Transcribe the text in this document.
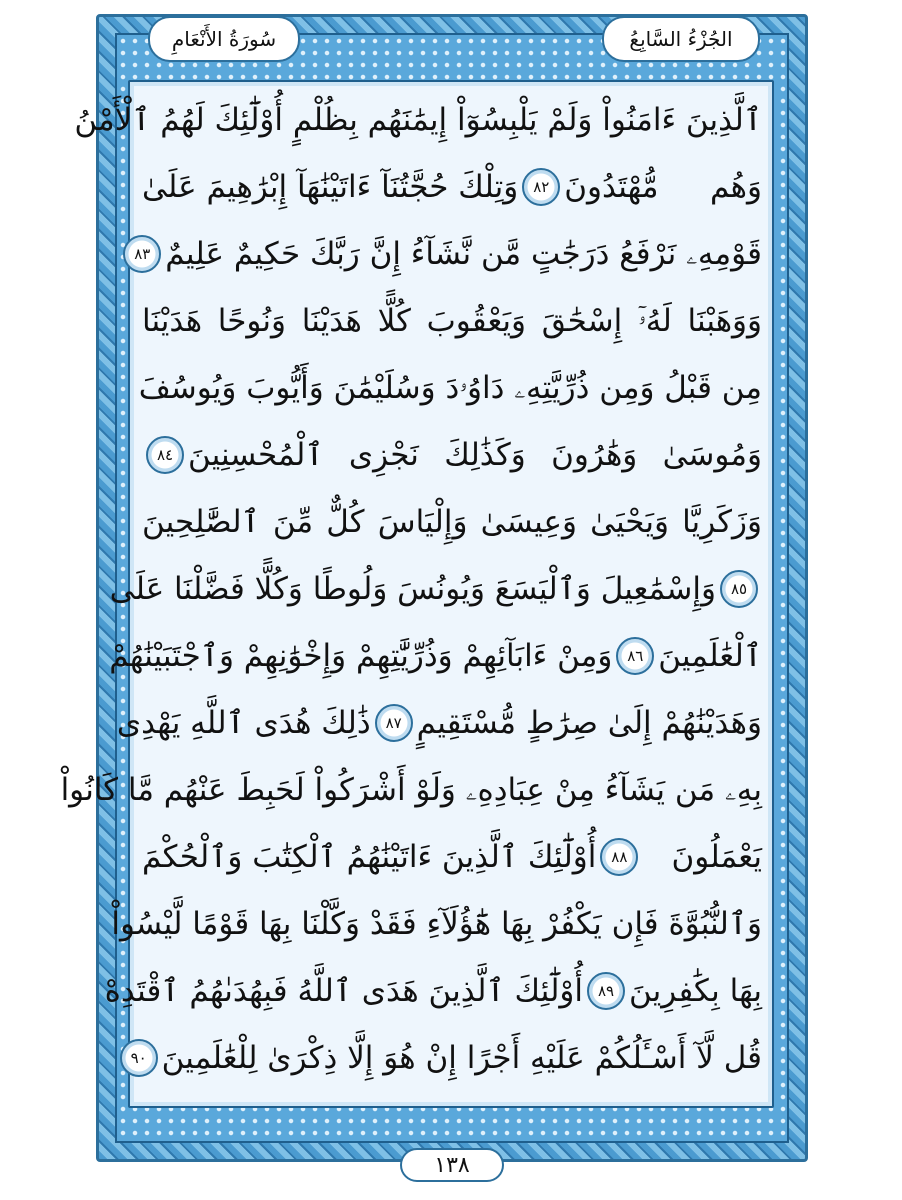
الجُزْءُ السَّابِعُ
سُورَةُ الأَنْعَامِ
ٱلَّذِينَ ءَامَنُواْ وَلَمْ يَلْبِسُوٓاْ إِيمَٰنَهُم بِظُلْمٍ أُوْلَٰٓئِكَ لَهُمُ ٱلْأَمْنُ
وَهُم مُّهْتَدُونَ
٨٢
وَتِلْكَ حُجَّتُنَآ ءَاتَيْنَٰهَآ إِبْرَٰهِيمَ عَلَىٰ
قَوْمِهِۦ نَرْفَعُ دَرَجَٰتٍ مَّن نَّشَآءُ إِنَّ رَبَّكَ حَكِيمٌ عَلِيمٌ
٨٣
وَوَهَبْنَا لَهُۥٓ إِسْحَٰقَ وَيَعْقُوبَ كُلًّا هَدَيْنَا وَنُوحًا هَدَيْنَا
مِن قَبْلُ وَمِن ذُرِّيَّتِهِۦ دَاوُۥدَ وَسُلَيْمَٰنَ وَأَيُّوبَ وَيُوسُفَ
وَمُوسَىٰ وَهَٰرُونَ وَكَذَٰلِكَ نَجْزِى ٱلْمُحْسِنِينَ
٨٤
وَزَكَرِيَّا وَيَحْيَىٰ وَعِيسَىٰ وَإِلْيَاسَ كُلٌّ مِّنَ ٱلصَّٰلِحِينَ
٨٥
وَإِسْمَٰعِيلَ وَٱلْيَسَعَ وَيُونُسَ وَلُوطًا وَكُلًّا فَضَّلْنَا عَلَى
ٱلْعَٰلَمِينَ
٨٦
وَمِنْ ءَابَآئِهِمْ وَذُرِّيَّٰتِهِمْ وَإِخْوَٰنِهِمْ وَٱجْتَبَيْنَٰهُمْ
وَهَدَيْنَٰهُمْ إِلَىٰ صِرَٰطٍ مُّسْتَقِيمٍ
٨٧
ذَٰلِكَ هُدَى ٱللَّهِ يَهْدِى
بِهِۦ مَن يَشَآءُ مِنْ عِبَادِهِۦ وَلَوْ أَشْرَكُواْ لَحَبِطَ عَنْهُم مَّا كَانُواْ
يَعْمَلُونَ
٨٨
أُوْلَٰٓئِكَ ٱلَّذِينَ ءَاتَيْنَٰهُمُ ٱلْكِتَٰبَ وَٱلْحُكْمَ
وَٱلنُّبُوَّةَ فَإِن يَكْفُرْ بِهَا هَٰٓؤُلَآءِ فَقَدْ وَكَّلْنَا بِهَا قَوْمًا لَّيْسُواْ
بِهَا بِكَٰفِرِينَ
٨٩
أُوْلَٰٓئِكَ ٱلَّذِينَ هَدَى ٱللَّهُ فَبِهُدَىٰهُمُ ٱقْتَدِهْ
قُل لَّآ أَسْـَٔلُكُمْ عَلَيْهِ أَجْرًا إِنْ هُوَ إِلَّا ذِكْرَىٰ لِلْعَٰلَمِينَ
٩٠
١٣٨
